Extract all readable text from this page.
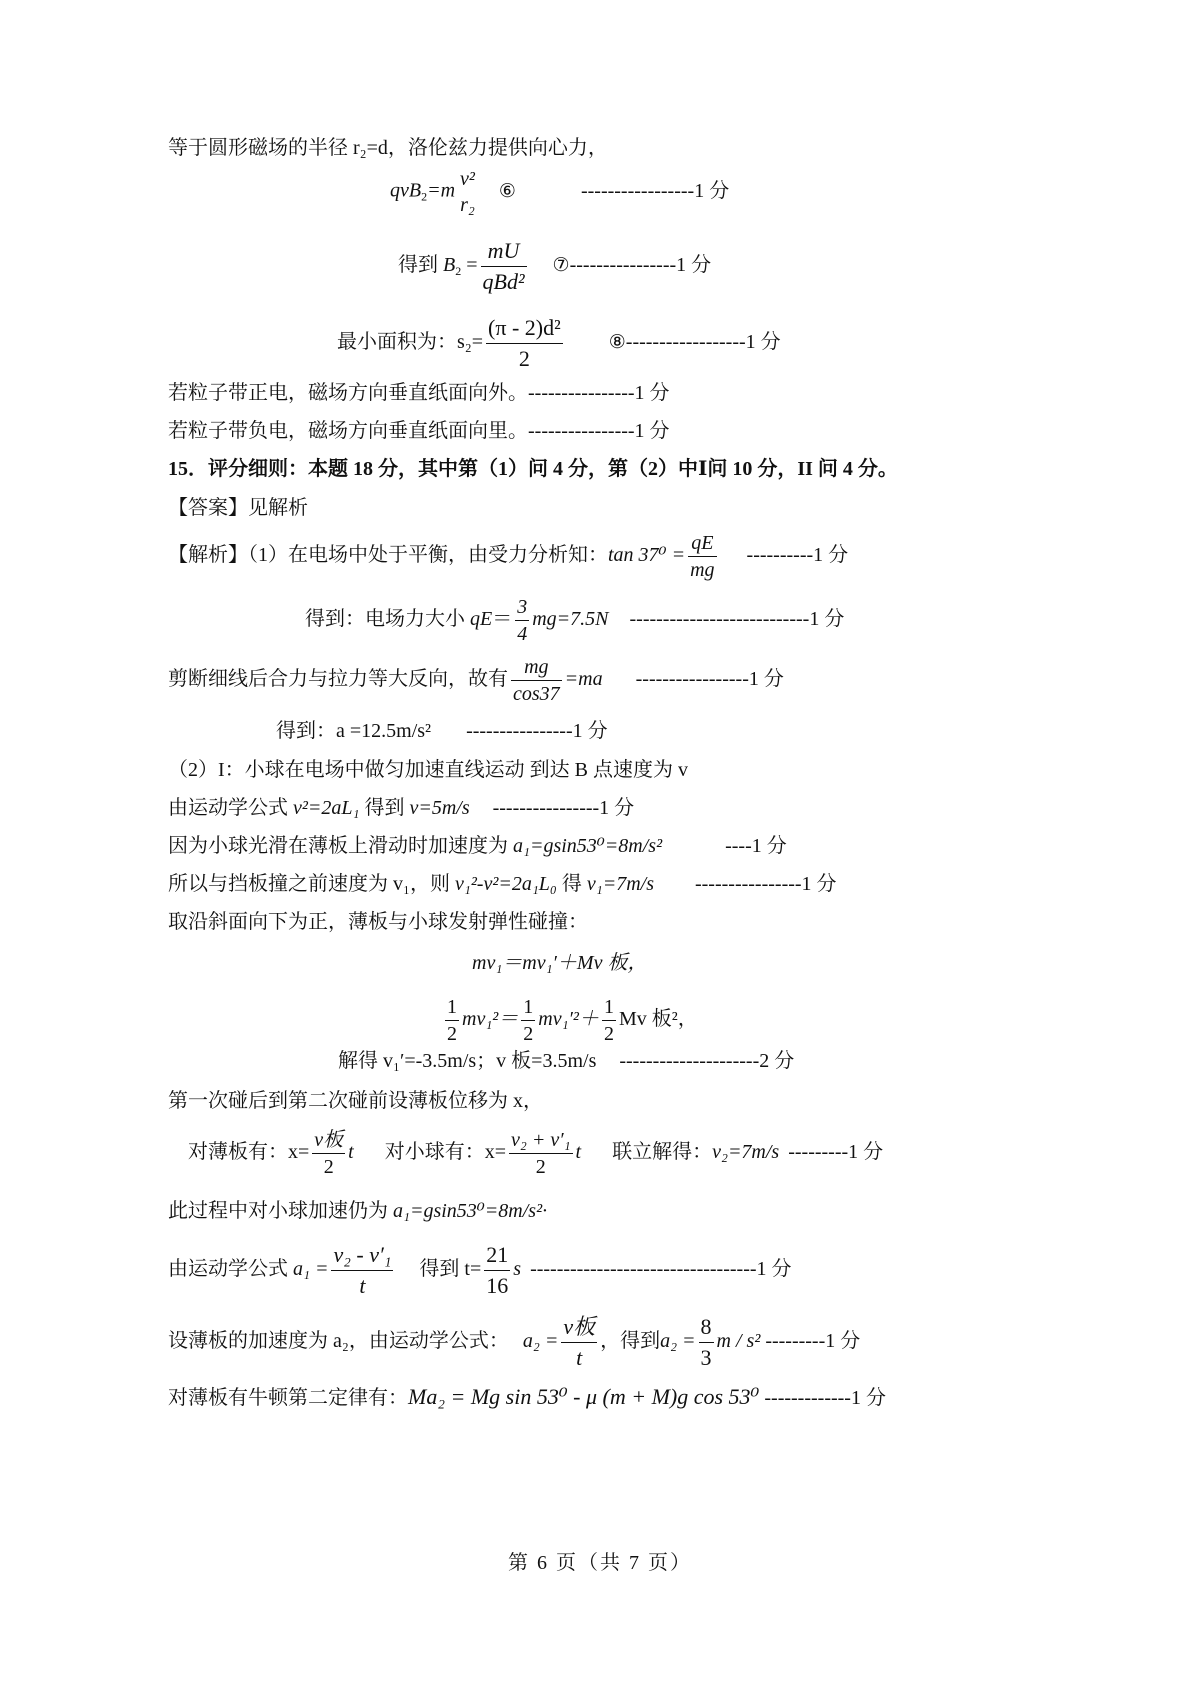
等于圆形磁场的半径 r₂=d，洛伦兹力提供向心力，
qvB$_2$=m
v²
r₂
⑥	-----------------1 分
得到 $B_2 = \frac{mU}{\text{qBd²}}$ ⑦----------------1 分
最小面积为：$s_2= \frac{\text{(π - 2)d²}}{2}$ ⑧------------------1 分
若粒子带正电，磁场方向垂直纸面向外。----------------1 分
若粒子带负电，磁场方向垂直纸面向里。----------------1 分
15．评分细则：本题 18 分，其中第（1）问 4 分，第（2）中Ⅰ问 10 分，II 问 4 分。
【答案】见解析
【解析】（1）在电场中处于平衡，由受力分析知：$\tan 37^0 = \frac{qE}{mg} ----------1$ 分
得到：电场力大小 $qE= \frac{3}{4} mg=7.5N$ ---------------------------1 分
剪断细线后合力与拉力等大反向，故有 $\frac{mg}{\cos 37} =ma$ -----------------1 分
得到：a =12.5m/s² ----------------1 分
（2）I：小球在电场中做匀加速直线运动 到达 B 点速度为 v
由运动学公式 v²=2aL₁ 得到 v=5m/s ----------------1 分
因为小球光滑在薄板上滑动时加速度为 a₁=gsin53⁰=8m/s²	----1 分
所以与挡板撞之前速度为 v₁，则 v₁²-v²=2a₁L₀ 得 v₁=7m/s ----------------1 分
取沿斜面向下为正，薄板与小球发射弹性碰撞：
mv₁＝mv₁′＋Mv 板，
$\frac{1}{2} mv_1^2= \frac{1}{2} mv_1'^2+ \frac{1}{2}$ Mv 板²，
解得 v₁′=-3.5m/s；v 板=3.5m/s ---------------------2 分
第一次碰后到第二次碰前设薄板位移为 x，
对薄板有：$x= \frac{\text{v板}}{2}$ t 对小球有：$x= \frac{\text{v₂ + v′₁}}{2}$ t 联立解得：v₂=7m/s ---------1 分
此过程中对小球加速仍为 a₁=gsin53⁰=8m/s²·
由运动学公式 $a_1 = \frac{\text{v₂ - v′₁}}{t}$ 得到 $t= \frac{21}{16}$ s ----------------------------------1 分
设薄板的加速度为 a₂，由运动学公式： $a_2 = \frac{\text{v板}}{t}$ ，得到$a_2 = \frac{8}{3}$ m / s² ---------1 分
对薄板有牛顿第二定律有：Ma₂ = Mg sin 53⁰ - μ (m + M)g cos 53⁰ -------------1 分
第 6 页（共 7 页）
